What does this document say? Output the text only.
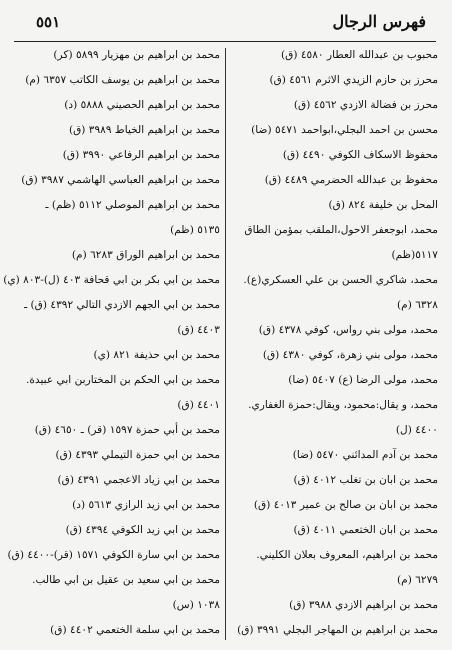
٥٥١	فهرس الرجال
محبوب بن عبدالله العطار ٤٥٨٠ (ق)
محرز بن حازم الزيدي الاثرم ٤٥٦١ (ق)
محرز بن فضالة الازدي ٤٥٦٢ (ق)
محسن بن احمد البجلي،ابواحمد ٥٤٧١ (ضا)
محفوظ الاسكاف الكوفي ٤٤٩٠ (ق)
محفوظ بن عبدالله الحضرمي ٤٤٨٩ (ق)
المحل بن خليفة ٨٢٤ (ق)
محمد، ابوجعفر الاحول،الملقب بمؤمن الطاق
٥١١٧(ظم)
محمد، شاكري الحسن بن علي العسكري(ع).
٦٣٢٨ (م)
محمد، مولى بني رواس، كوفي ٤٣٧٨ (ق)
محمد، مولى بني زهرة، كوفي ٤٣٨٠ (ق)
محمد، مولى الرضا (ع) ٥٤٠٧ (ضا)
محمد، و يقال:محمود، ويقال:حمزة الغفاري.
٤٤٠٠ (ل)
محمد بن آدم المدائني ٥٤٧٠ (ضا)
محمد بن ابان بن تغلب ٤٠١٢ (ق)
محمد بن ابان بن صالح بن عمير ٤٠١٣ (ق)
محمد بن ابان الختعمي ٤٠١١ (ق)
محمد بن ابراهيم، المعروف بعلان الكليني.
٦٢٧٩ (م)
محمد بن ابراهيم الازدي ٣٩٨٨ (ق)
محمد بن ابراهيم بن المهاجر البجلي ٣٩٩١ (ق)
محمد بن ابراهيم بن مهزيار ٥٨٩٩ (كر)
محمد بن ابراهيم بن يوسف الكاتب ٦٣٥٧ (م)
محمد بن ابراهيم الحصيني ٥٨٨٨ (د)
محمد بن ابراهيم الخياط ٣٩٨٩ (ق)
محمد بن ابراهيم الرفاعي ٣٩٩٠ (ق)
محمد بن ابراهيم العباسي الهاشمي ٣٩٨٧ (ق)
محمد بن ابراهيم الموصلي ٥١١٢ (ظم) ـ
٥١٣٥ (ظم)
محمد بن ابراهيم الوراق ٦٢٨٣ (م)
محمد بن ابي بكر بن ابي قحافة ٤٠٣ (ل)-٨٠٣ (ي)
محمد بن ابي الجهم الازدي التالي ٤٣٩٢ (ق) ـ
٤٤٠٣ (ق)
محمد بن ابي حذيفة ٨٢١ (ي)
محمد بن ابي الحكم بن المختاربن ابي عبيدة.
٤٤٠١ (ق)
محمد بن أبي حمزة ١٥٩٧ (قر) ـ ٤٦٥٠ (ق)
محمد بن ابي حمزة التيملي ٤٣٩٣ (ق)
محمد بن ابي زياد الاعجمي ٤٣٩١ (ق)
محمد بن ابي زيد الرازي ٥٦١٣ (د)
محمد بن ابي زيد الكوفي ٤٣٩٤ (ق)
محمد بن ابي سارة الكوفي ١٥٧١ (قر)-٤٤٠٠ (ق)
محمد بن ابي سعيد بن عقيل بن ابي طالب.
١٠٣٨ (س)
محمد بن ابي سلمة الختعمي ٤٤٠٢ (ق)
